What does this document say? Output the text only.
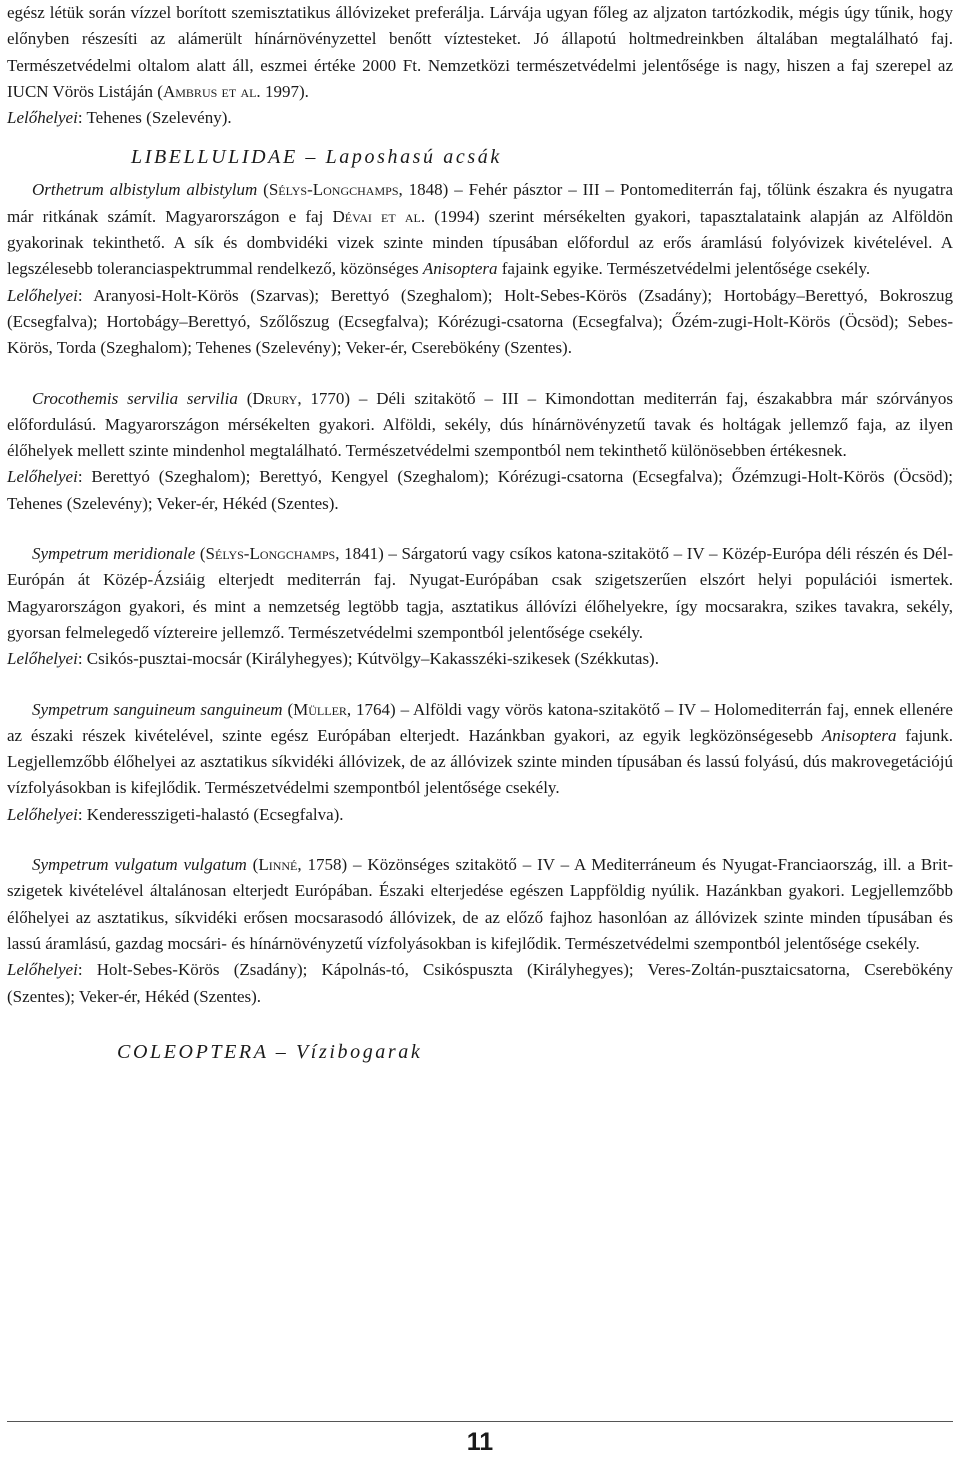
egész létük során vízzel borított szemisztatikus állóvizeket preferálja. Lárvája ugyan főleg az aljzaton tartózkodik, mégis úgy tűnik, hogy előnyben részesíti az alámerült hínárnövényzettel benőtt víztesteket. Jó állapotú holtmedreinkben általában megtalálható faj. Természetvédelmi oltalom alatt áll, eszmei értéke 2000 Ft. Nemzetközi természetvédelmi jelentősége is nagy, hiszen a faj szerepel az IUCN Vörös Listáján (Ambrus et al. 1997).

Lelőhelyei: Tehenes (Szelevény).

LIBELLULIDAE – Laposhasú acsák

Orthetrum albistylum albistylum (Sélys-Longchamps, 1848) – Fehér pásztor – III – Pontomediterrán faj, tőlünk északra és nyugatra már ritkának számít. Magyarországon e faj Dévai et al. (1994) szerint mérsékelten gyakori, tapasztalataink alapján az Alföldön gyakorinak tekinthető. A sík és dombvidéki vizek szinte minden típusában előfordul az erős áramlású folyóvizek kivételével. A legszélesebb toleranciaspektrummal rendelkező, közönséges Anisoptera fajaink egyike. Természetvédelmi jelentősége csekély.

Lelőhelyei: Aranyosi-Holt-Körös (Szarvas); Berettyó (Szeghalom); Holt-Sebes-Körös (Zsadány); Hortobágy–Berettyó, Bokroszug (Ecsegfalva); Hortobágy–Berettyó, Szőlőszug (Ecsegfalva); Kórézugi-csatorna (Ecsegfalva); Őzém-zugi-Holt-Körös (Öcsöd); Sebes-Körös, Torda (Szeghalom); Tehenes (Szelevény); Veker-ér, Cserebökény (Szentes).

Crocothemis servilia servilia (Drury, 1770) – Déli szitakötő – III – Kimondottan mediterrán faj, északabbra már szórványos előfordulású. Magyarországon mérsékelten gyakori. Alföldi, sekély, dús hínárnövényzetű tavak és holtágak jellemző faja, az ilyen élőhelyek mellett szinte mindenhol megtalálható. Természetvédelmi szempontból nem tekinthető különösebben értékesnek.

Lelőhelyei: Berettyó (Szeghalom); Berettyó, Kengyel (Szeghalom); Kórézugi-csatorna (Ecsegfalva); Őzémzugi-Holt-Körös (Öcsöd); Tehenes (Szelevény); Veker-ér, Hékéd (Szentes).

Sympetrum meridionale (Sélys-Longchamps, 1841) – Sárgatorú vagy csíkos katona-szitakötő – IV – Közép-Európa déli részén és Dél- Európán át Közép-Ázsiáig elterjedt mediterrán faj. Nyugat-Európában csak szigetszerűen elszórt helyi populációi ismertek. Magyarországon gyakori, és mint a nemzetség legtöbb tagja, asztatikus állóvízi élőhelyekre, így mocsarakra, szikes tavakra, sekély, gyorsan felmelegedő víztereire jellemző. Természetvédelmi szempontból jelentősége csekély.

Lelőhelyei: Csikós-pusztai-mocsár (Királyhegyes); Kútvölgy–Kakasszéki-szikesek (Székkutas).

Sympetrum sanguineum sanguineum (Müller, 1764) – Alföldi vagy vörös katona-szitakötő – IV – Holomediterrán faj, ennek ellenére az északi részek kivételével, szinte egész Európában elterjedt. Hazánkban gyakori, az egyik legközönségesebb Anisoptera fajunk. Legjellemzőbb élőhelyei az asztatikus síkvidéki állóvizek, de az állóvizek szinte minden típusában és lassú folyású, dús makrovegetációjú vízfolyásokban is kifejlődik. Természetvédelmi szempontból jelentősége csekély.

Lelőhelyei: Kenderesszigeti-halastó (Ecsegfalva).

Sympetrum vulgatum vulgatum (Linné, 1758) – Közönséges szitakötő – IV – A Mediterráneum és Nyugat-Franciaország, ill. a Brit-szigetek kivételével általánosan elterjedt Európában. Északi elterjedése egészen Lappföldig nyúlik. Hazánkban gyakori. Legjellemzőbb élőhelyei az asztatikus, síkvidéki erősen mocsarasodó állóvizek, de az előző fajhoz hasonlóan az állóvizek szinte minden típusában és lassú áramlású, gazdag mocsári- és hínárnövényzetű vízfolyásokban is kifejlődik. Természetvédelmi szempontból jelentősége csekély.

Lelőhelyei: Holt-Sebes-Körös (Zsadány); Kápolnás-tó, Csikóspuszta (Királyhegyes); Veres-Zoltán-pusztaicsatorna, Cserebökény (Szentes); Veker-ér, Hékéd (Szentes).

COLEOPTERA – Vízibogarak

11
